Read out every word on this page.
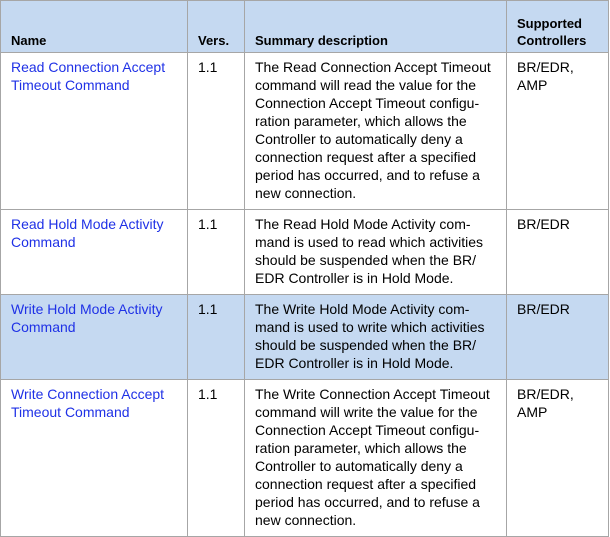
Name	Vers.	Summary description	Supported Controllers
Read Connection Accept Timeout Command	1.1	The Read Connection Accept Timeout command will read the value for the Connection Accept Timeout configu-ration parameter, which allows the Controller to automatically deny a connection request after a specified period has occurred, and to refuse a new connection.	BR/EDR, AMP
Read Hold Mode Activity Command	1.1	The Read Hold Mode Activity com-mand is used to read which activities should be suspended when the BR/ EDR Controller is in Hold Mode.	BR/EDR
Write Hold Mode Activity Command	1.1	The Write Hold Mode Activity com-mand is used to write which activities should be suspended when the BR/ EDR Controller is in Hold Mode.	BR/EDR
Write Connection Accept Timeout Command	1.1	The Write Connection Accept Timeout command will write the value for the Connection Accept Timeout configu-ration parameter, which allows the Controller to automatically deny a connection request after a specified period has occurred, and to refuse a new connection.	BR/EDR, AMP
